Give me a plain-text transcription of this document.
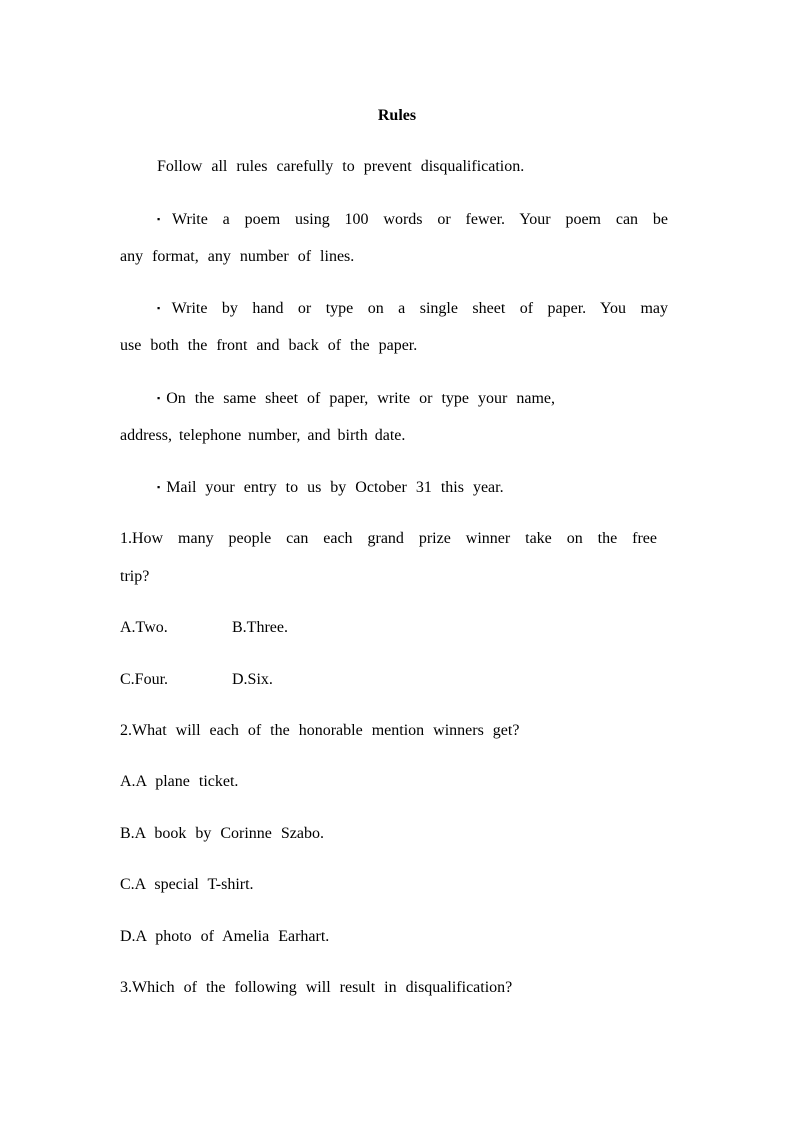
Rules
Follow all rules carefully to prevent disqualification.
▪ Write a poem using 100 words or fewer. Your poem can be
any format, any number of lines.
▪ Write by hand or type on a single sheet of paper. You may
use both the front and back of the paper.
▪ On the same sheet of paper, write or type your name,
address, telephone number, and birth date.
▪ Mail your entry to us by October 31 this year.
1.How many people can each grand prize winner take on the free
trip?
A.Two.	B.Three.
C.Four.	D.Six.
2.What will each of the honorable mention winners get?
A.A plane ticket.
B.A book by Corinne Szabo.
C.A special T-shirt.
D.A photo of Amelia Earhart.
3.Which of the following will result in disqualification?
